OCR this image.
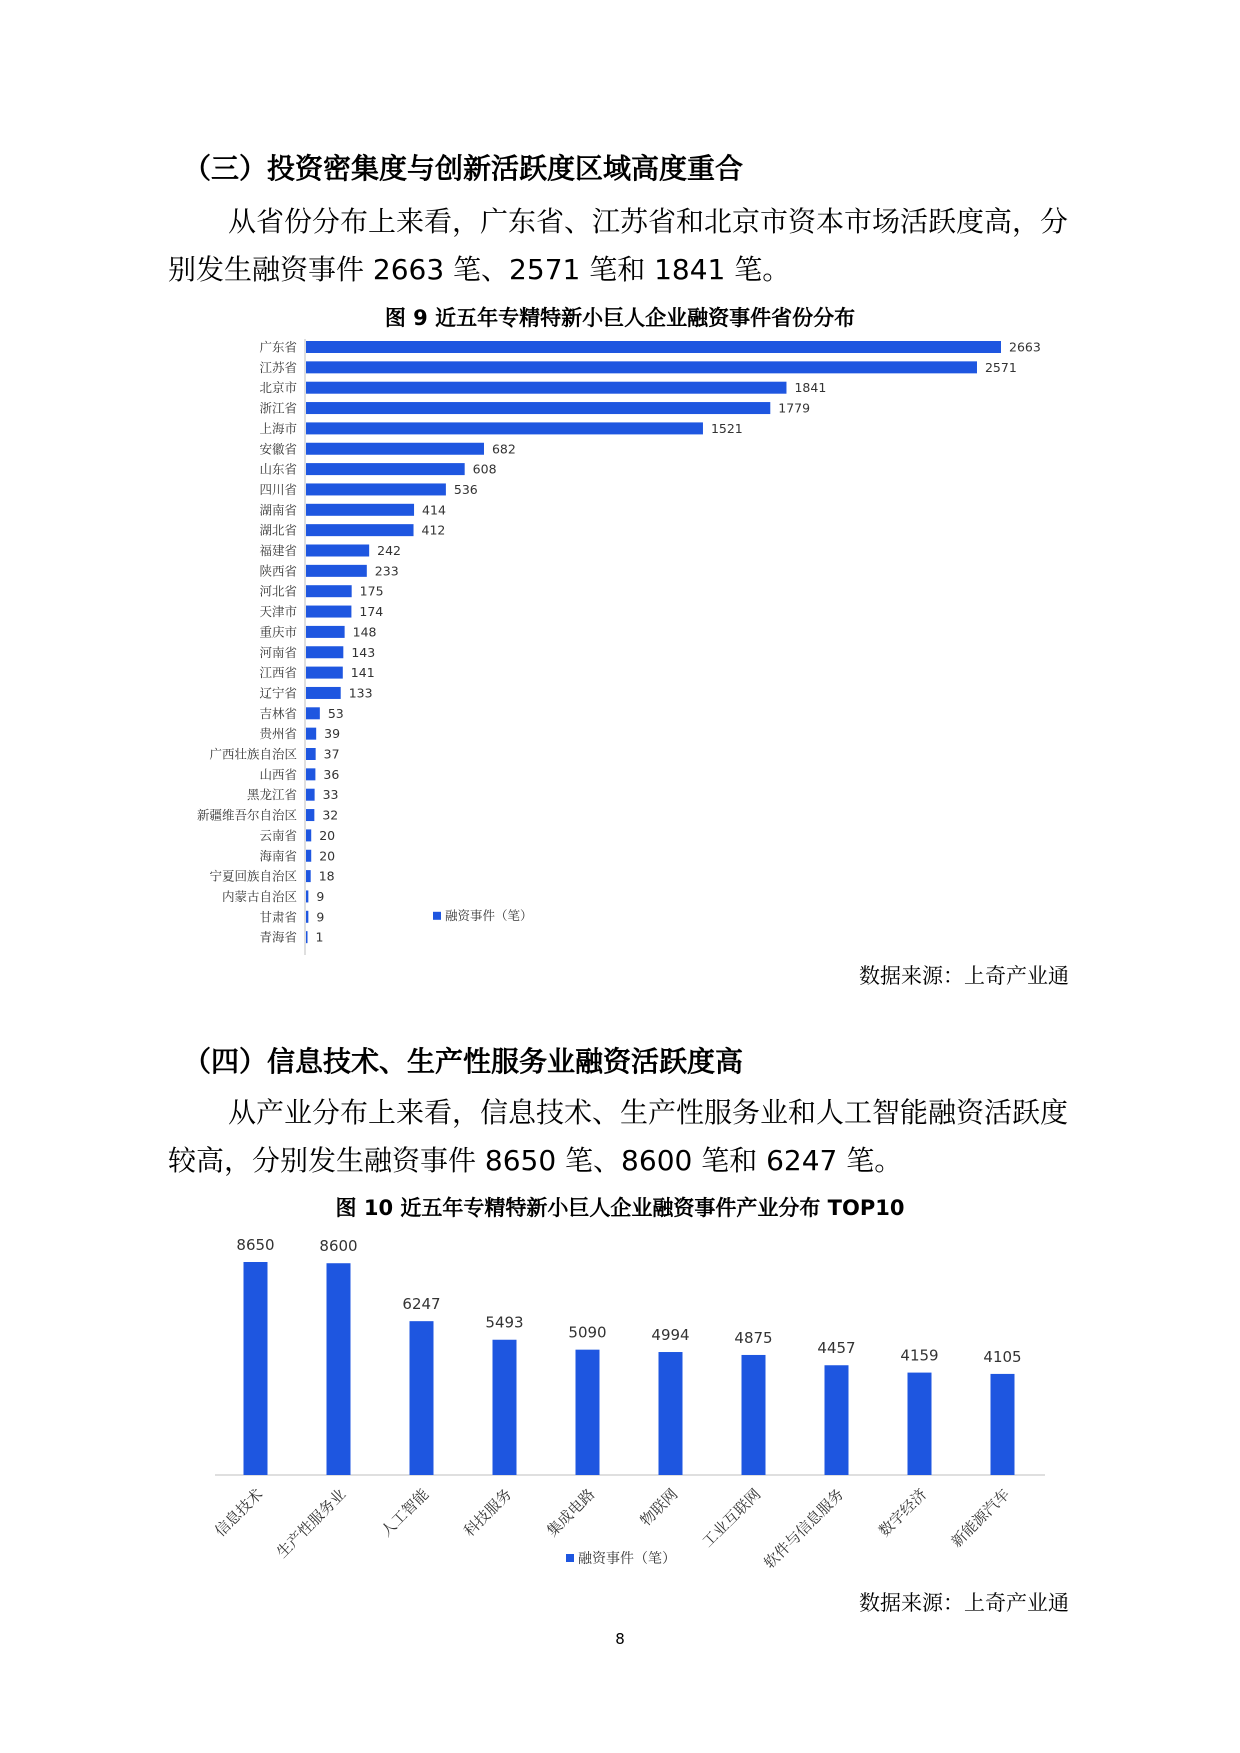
（三）投资密集度与创新活跃度区域高度重合
从省份分布上来看，广东省、江苏省和北京市资本市场活跃度高，分别发生融资事件 2663 笔、2571 笔和 1841 笔。
图 9 近五年专精特新小巨人企业融资事件省份分布
广东省	2663
江苏省	2571
北京市	1841
浙江省	1779
上海市	1521
安徽省	682
山东省	608
四川省	536
湖南省	414
湖北省	412
福建省	242
陕西省	233
河北省	175
天津市	174
重庆市	148
河南省	143
江西省	141
辽宁省	133
吉林省 53
贵州省 39
广西壮族自治区 37
山西省 36
黑龙江省 33
新疆维吾尔自治区 32
云南省 20
海南省 20
宁夏回族自治区 18
内蒙古自治区 9
甘肃省 9
青海省 1
融资事件（笔）
数据来源：上奇产业通
（四）信息技术、生产性服务业融资活跃度高
从产业分布上来看，信息技术、生产性服务业和人工智能融资活跃度较高，分别发生融资事件 8650 笔、8600 笔和 6247 笔。
图 10 近五年专精特新小巨人企业融资事件产业分布 TOP10
8650
信息技术
8600
生产性服务业
6247
人工智能
5493
科技服务
5090
集成电路
4994
物联网
4875
工业互联网
4457
软件与信息服务
4159
数字经济
4105
新能源汽车
融资事件（笔）
数据来源：上奇产业通
8
